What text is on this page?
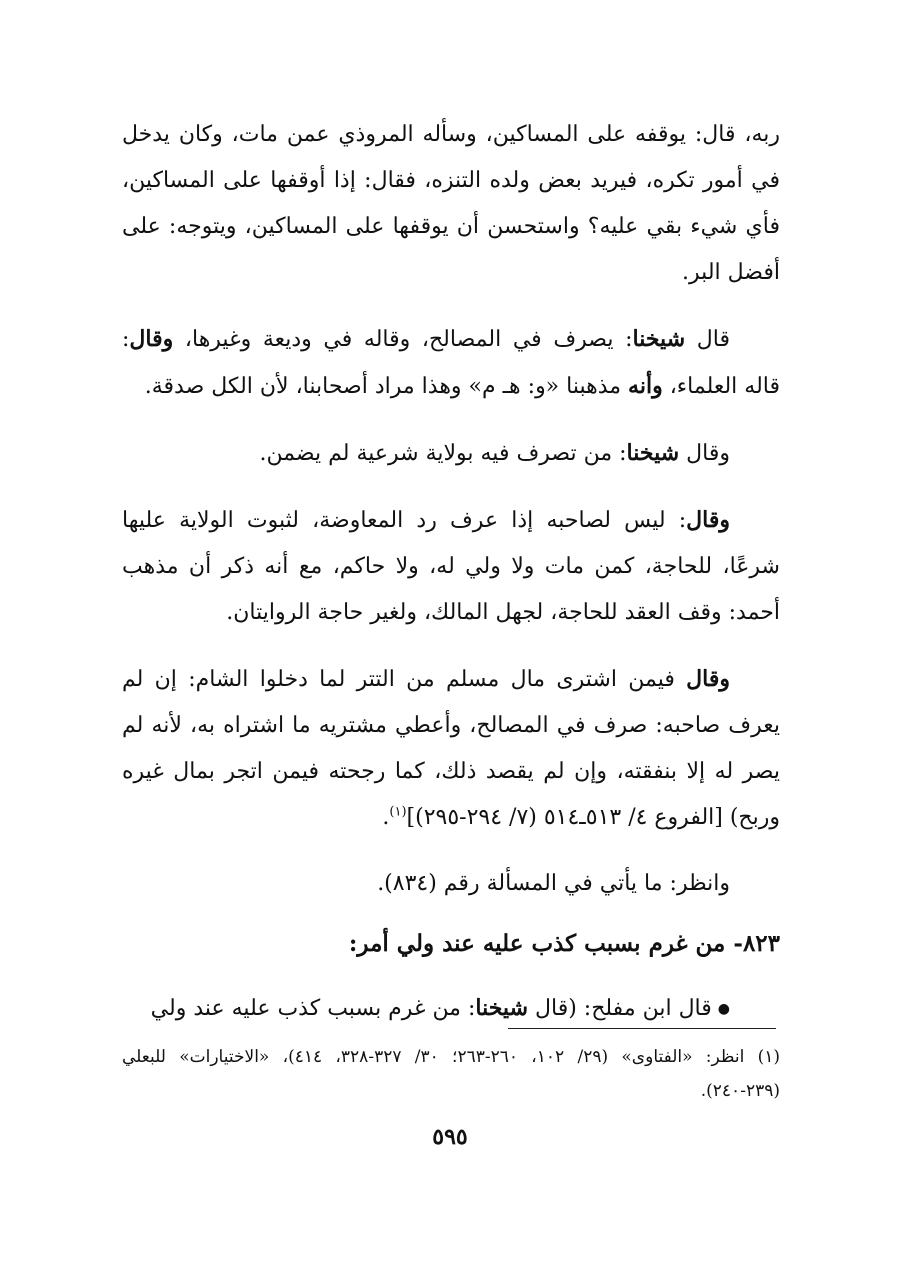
ربه، قال: يوقفه على المساكين، وسأله المروذي عمن مات، وكان يدخل في أمور تكره، فيريد بعض ولده التنزه، فقال: إذا أوقفها على المساكين، فأي شيء بقي عليه؟ واستحسن أن يوقفها على المساكين، ويتوجه: على أفضل البر.

قال شيخنا: يصرف في المصالح، وقاله في وديعة وغيرها، وقال: قاله العلماء، وأنه مذهبنا «و: هـ م» وهذا مراد أصحابنا، لأن الكل صدقة.

وقال شيخنا: من تصرف فيه بولاية شرعية لم يضمن.

وقال: ليس لصاحبه إذا عرف رد المعاوضة، لثبوت الولاية عليها شرعًا، للحاجة، كمن مات ولا ولي له، ولا حاكم، مع أنه ذكر أن مذهب أحمد: وقف العقد للحاجة، لجهل المالك، ولغير حاجة الروايتان.

وقال فيمن اشترى مال مسلم من التتر لما دخلوا الشام: إن لم يعرف صاحبه: صرف في المصالح، وأعطي مشتريه ما اشتراه به، لأنه لم يصر له إلا بنفقته، وإن لم يقصد ذلك، كما رجحته فيمن اتجر بمال غيره وربح) [الفروع ٤/ ٥١٣ـ٥١٤ (٧/ ٢٩٤-٢٩٥)]$^{(١)}$.

وانظر: ما يأتي في المسألة رقم (٨٣٤).

٨٢٣- من غرم بسبب كذب عليه عند ولي أمر:

●قال ابن مفلح: (قال شيخنا: من غرم بسبب كذب عليه عند ولي

(١) انظر: «الفتاوى» (٢٩/ ١٠٢، ٢٦٠-٢٦٣؛ ٣٠/ ٣٢٧-٣٢٨، ٤١٤)، «الاختيارات» للبعلي (٢٣٩-٢٤٠).
٥٩٥
